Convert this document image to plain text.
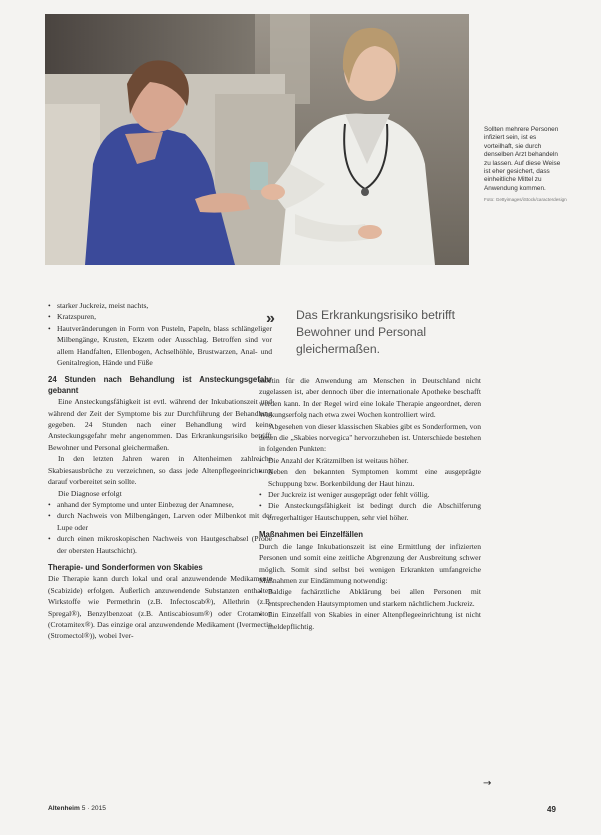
Sollten mehrere Personen infiziert sein, ist es vorteilhaft, sie durch denselben Arzt behandeln zu lassen. Auf diese Weise ist eher gesichert, dass einheitliche Mittel zu Anwendung kommen.
Foto: Gettyimages/iStock/caracterdesign
• starker Juckreiz, meist nachts,
• Kratzspuren,
• Hautveränderungen in Form von Pusteln, Papeln, blass schlängeliger Milbengänge, Krusten, Ekzem oder Ausschlag. Betroffen sind vor allem Handfalten, Ellenbogen, Achselhöhle, Brustwarzen, Anal- und Genitalregion, Hände und Füße
24 Stunden nach Behandlung ist Ansteckungsgefahr gebannt

Eine Ansteckungsfähigkeit ist evtl. während der Inkubationszeit und während der Zeit der Symptome bis zur Durchführung der Behandlung gegeben. 24 Stunden nach einer Behandlung wird keine Ansteckungsgefahr mehr angenommen. Das Erkrankungsrisiko betrifft Bewohner und Personal gleichermaßen.

In den letzten Jahren waren in Altenheimen zahlreiche Skabiesausbrüche zu verzeichnen, so dass jede Altenpflegeeinrichtung darauf vorbereitet sein sollte.

Die Diagnose erfolgt

• anhand der Symptome und unter Einbezug der Anamnese,
• durch Nachweis von Milbengängen, Larven oder Milbenkot mit der Lupe oder
• durch einen mikroskopischen Nachweis von Hautgeschabsel (Probe der obersten Hautschicht).
Therapie- und Sonderformen von Skabies

Die Therapie kann durch lokal und oral anzuwendende Medikamente (Scabizide) erfolgen. Äußerlich anzuwendende Substanzen enthalten Wirkstoffe wie Permethrin (z.B. Infectoscab®), Allethrin (z.B. Spregal®), Benzylbenzoat (z.B. Antiscabiosum®) oder Crotamiton (Crotamitex®). Das einzige oral anzuwendende Medikament (Ivermectin (Stromectol®)), wobei Iver-

» Das Erkrankungsrisiko betrifft Bewohner und Personal gleichermaßen.

mectin für die Anwendung am Menschen in Deutschland nicht zugelassen ist, aber dennoch über die internationale Apotheke beschafft werden kann. In der Regel wird eine lokale Therapie angeordnet, deren Wirkungserfolg nach etwa zwei Wochen kontrolliert wird.

Abgesehen von dieser klassischen Skabies gibt es Sonderformen, von denen die „Skabies norvegica" hervorzuheben ist. Unterschiede bestehen in folgenden Punkten:

• Die Anzahl der Krätzmilben ist weitaus höher.
• Neben den bekannten Symptomen kommt eine ausgeprägte Schuppung bzw. Borkenbildung der Haut hinzu.
• Der Juckreiz ist weniger ausgeprägt oder fehlt völlig.
• Die Ansteckungsfähigkeit ist bedingt durch die Abschilferung erregerhaltiger Hautschuppen, sehr viel höher.
Maßnahmen bei Einzelfällen

Durch die lange Inkubationszeit ist eine Ermittlung der infizierten Personen und somit eine zeitliche Abgrenzung der Ausbreitung schwer möglich. Somit sind selbst bei wenigen Erkrankten umfangreiche Maßnahmen zur Eindämmung notwendig:

• Baldige fachärztliche Abklärung bei allen Personen mit entsprechenden Hautsymptomen und starkem nächtlichem Juckreiz.
• Ein Einzelfall von Skabies in einer Altenpflegeeinrichtung ist nicht meldepflichtig.
→
Altenheim 5 · 2015	49
